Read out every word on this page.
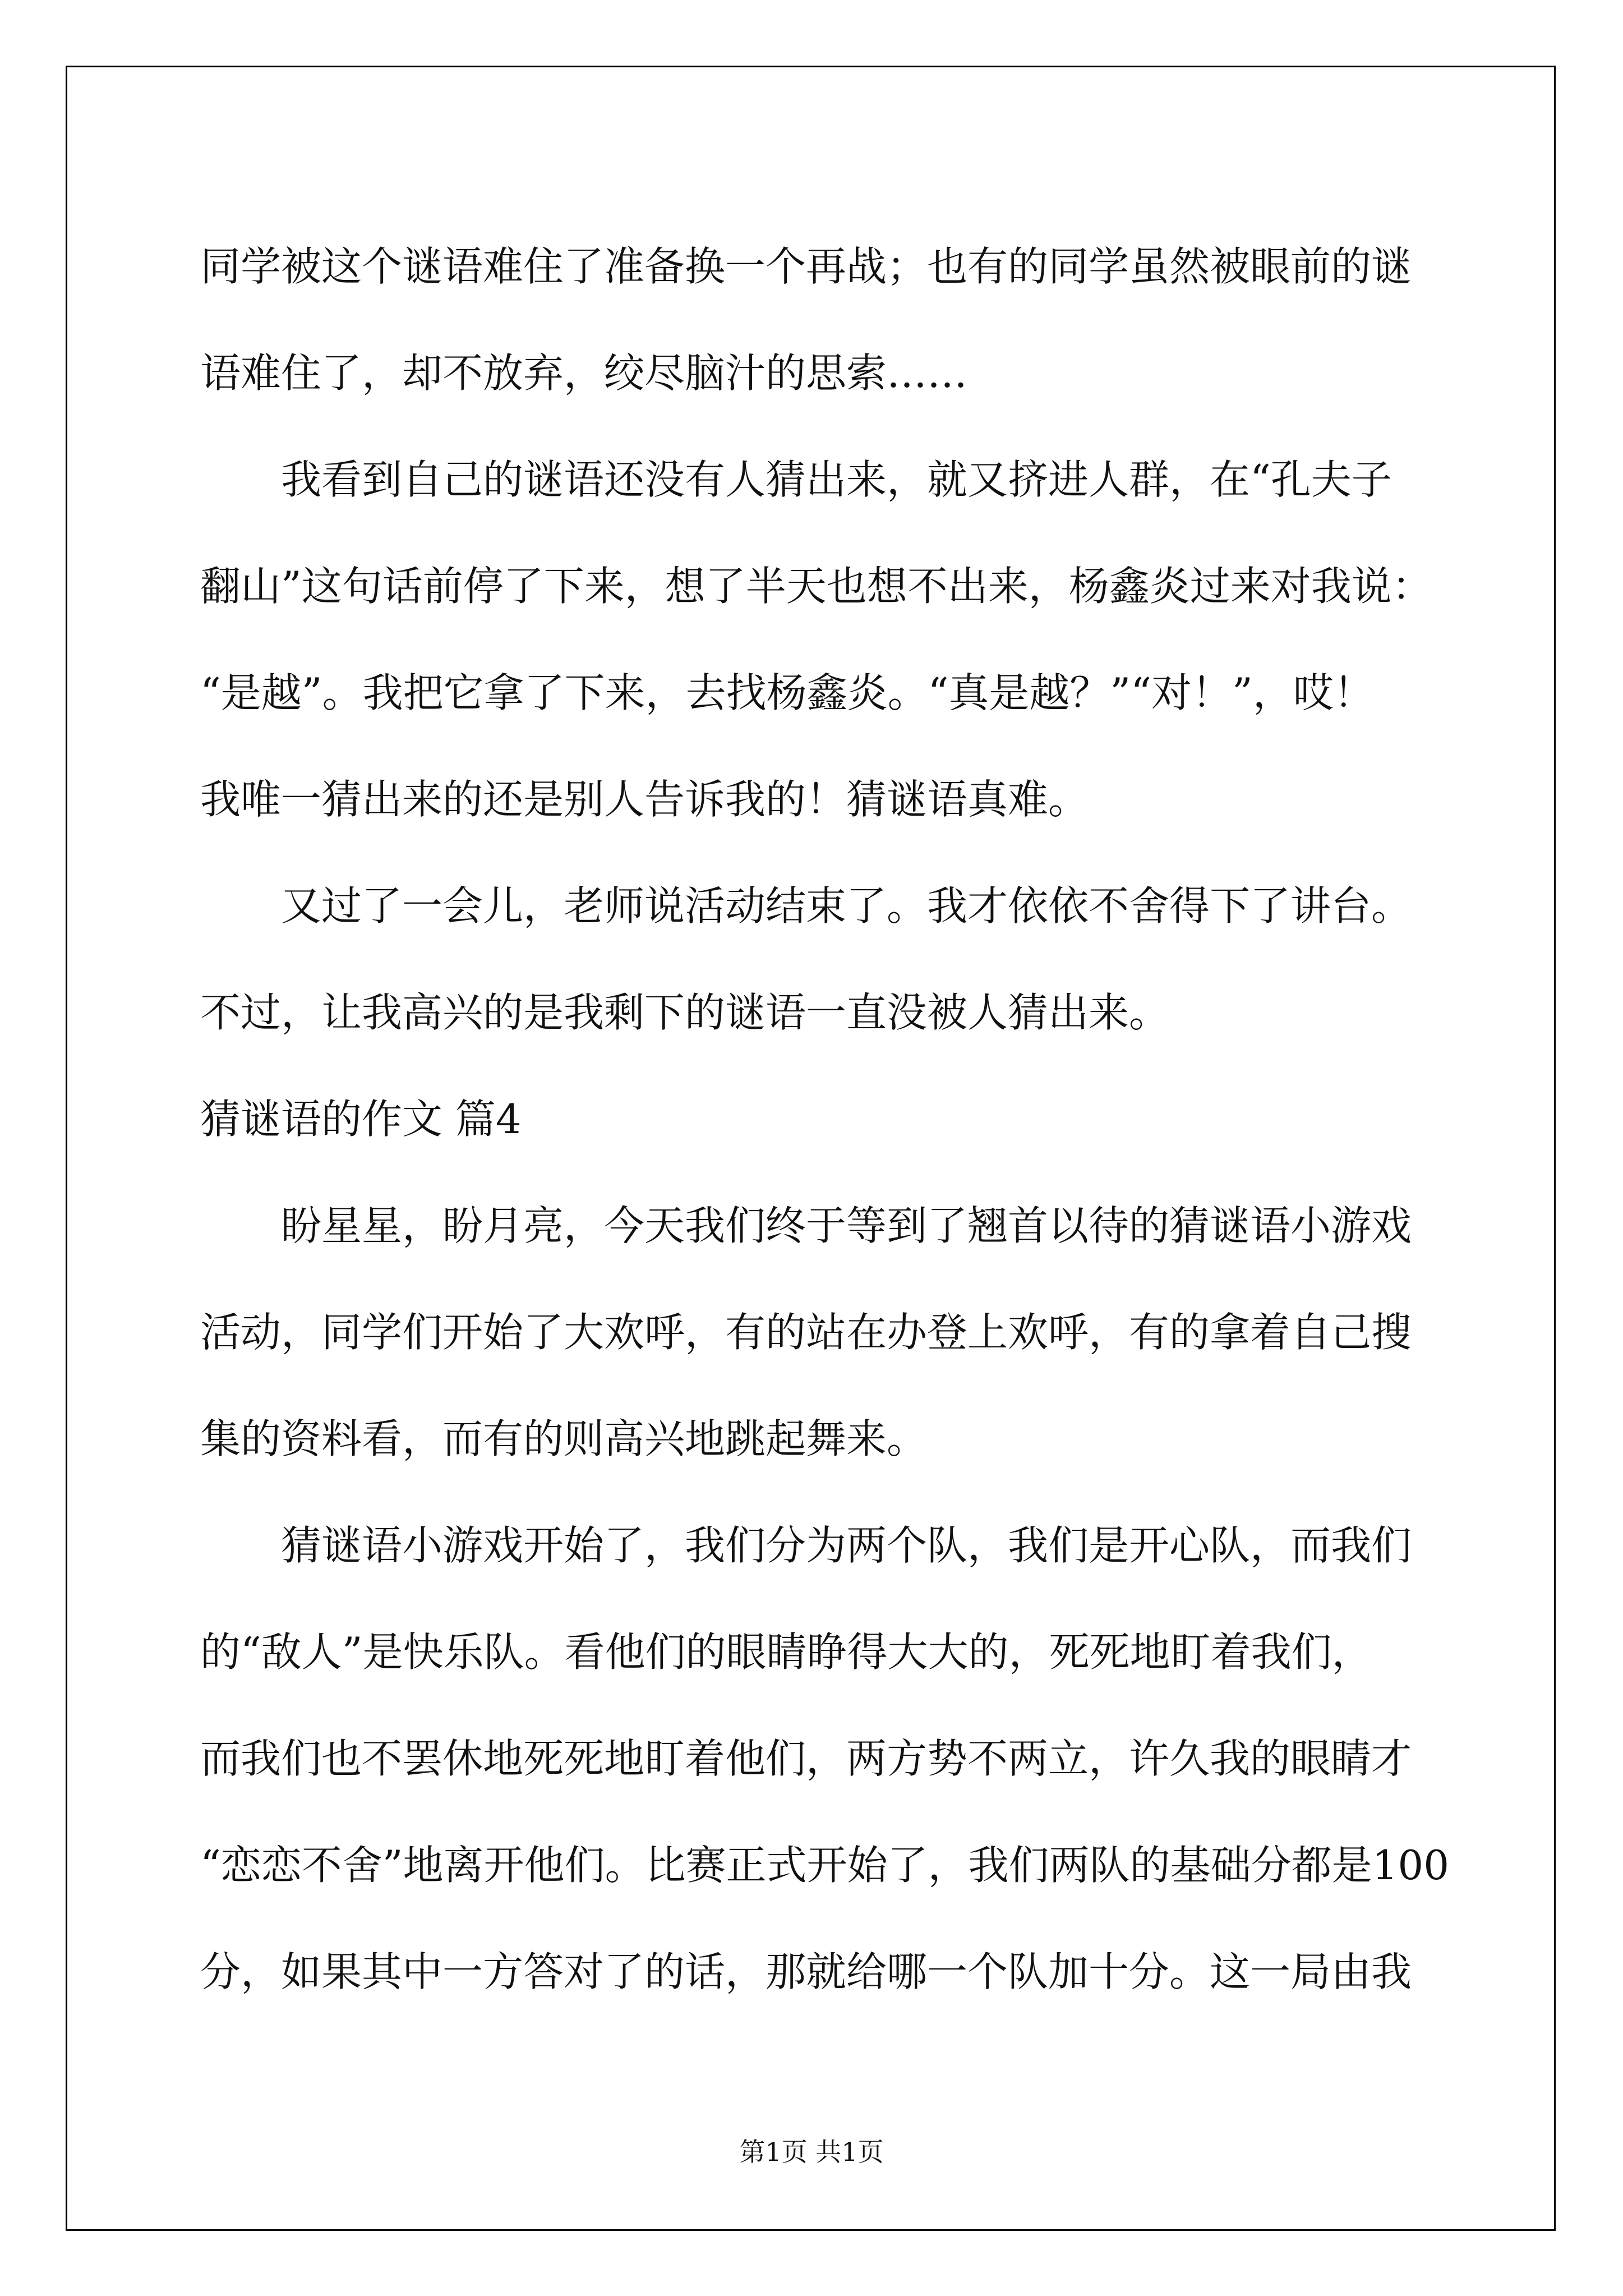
同学被这个谜语难住了准备换一个再战；也有的同学虽然被眼前的谜

语难住了，却不放弃，绞尽脑汁的思索……

我看到自己的谜语还没有人猜出来，就又挤进人群，在“孔夫子

翻山”这句话前停了下来，想了半天也想不出来，杨鑫炎过来对我说：

“是越”。我把它拿了下来，去找杨鑫炎。“真是越？”“对！”，哎！

我唯一猜出来的还是别人告诉我的！猜谜语真难。

又过了一会儿，老师说活动结束了。我才依依不舍得下了讲台。

不过，让我高兴的是我剩下的谜语一直没被人猜出来。

猜谜语的作文 篇4

盼星星，盼月亮，今天我们终于等到了翘首以待的猜谜语小游戏

活动，同学们开始了大欢呼，有的站在办登上欢呼，有的拿着自己搜

集的资料看，而有的则高兴地跳起舞来。

猜谜语小游戏开始了，我们分为两个队，我们是开心队，而我们

的“敌人”是快乐队。看他们的眼睛睁得大大的，死死地盯着我们，

而我们也不罢休地死死地盯着他们，两方势不两立，许久我的眼睛才

“恋恋不舍”地离开他们。比赛正式开始了，我们两队的基础分都是100

分，如果其中一方答对了的话，那就给哪一个队加十分。这一局由我

第1页 共1页
